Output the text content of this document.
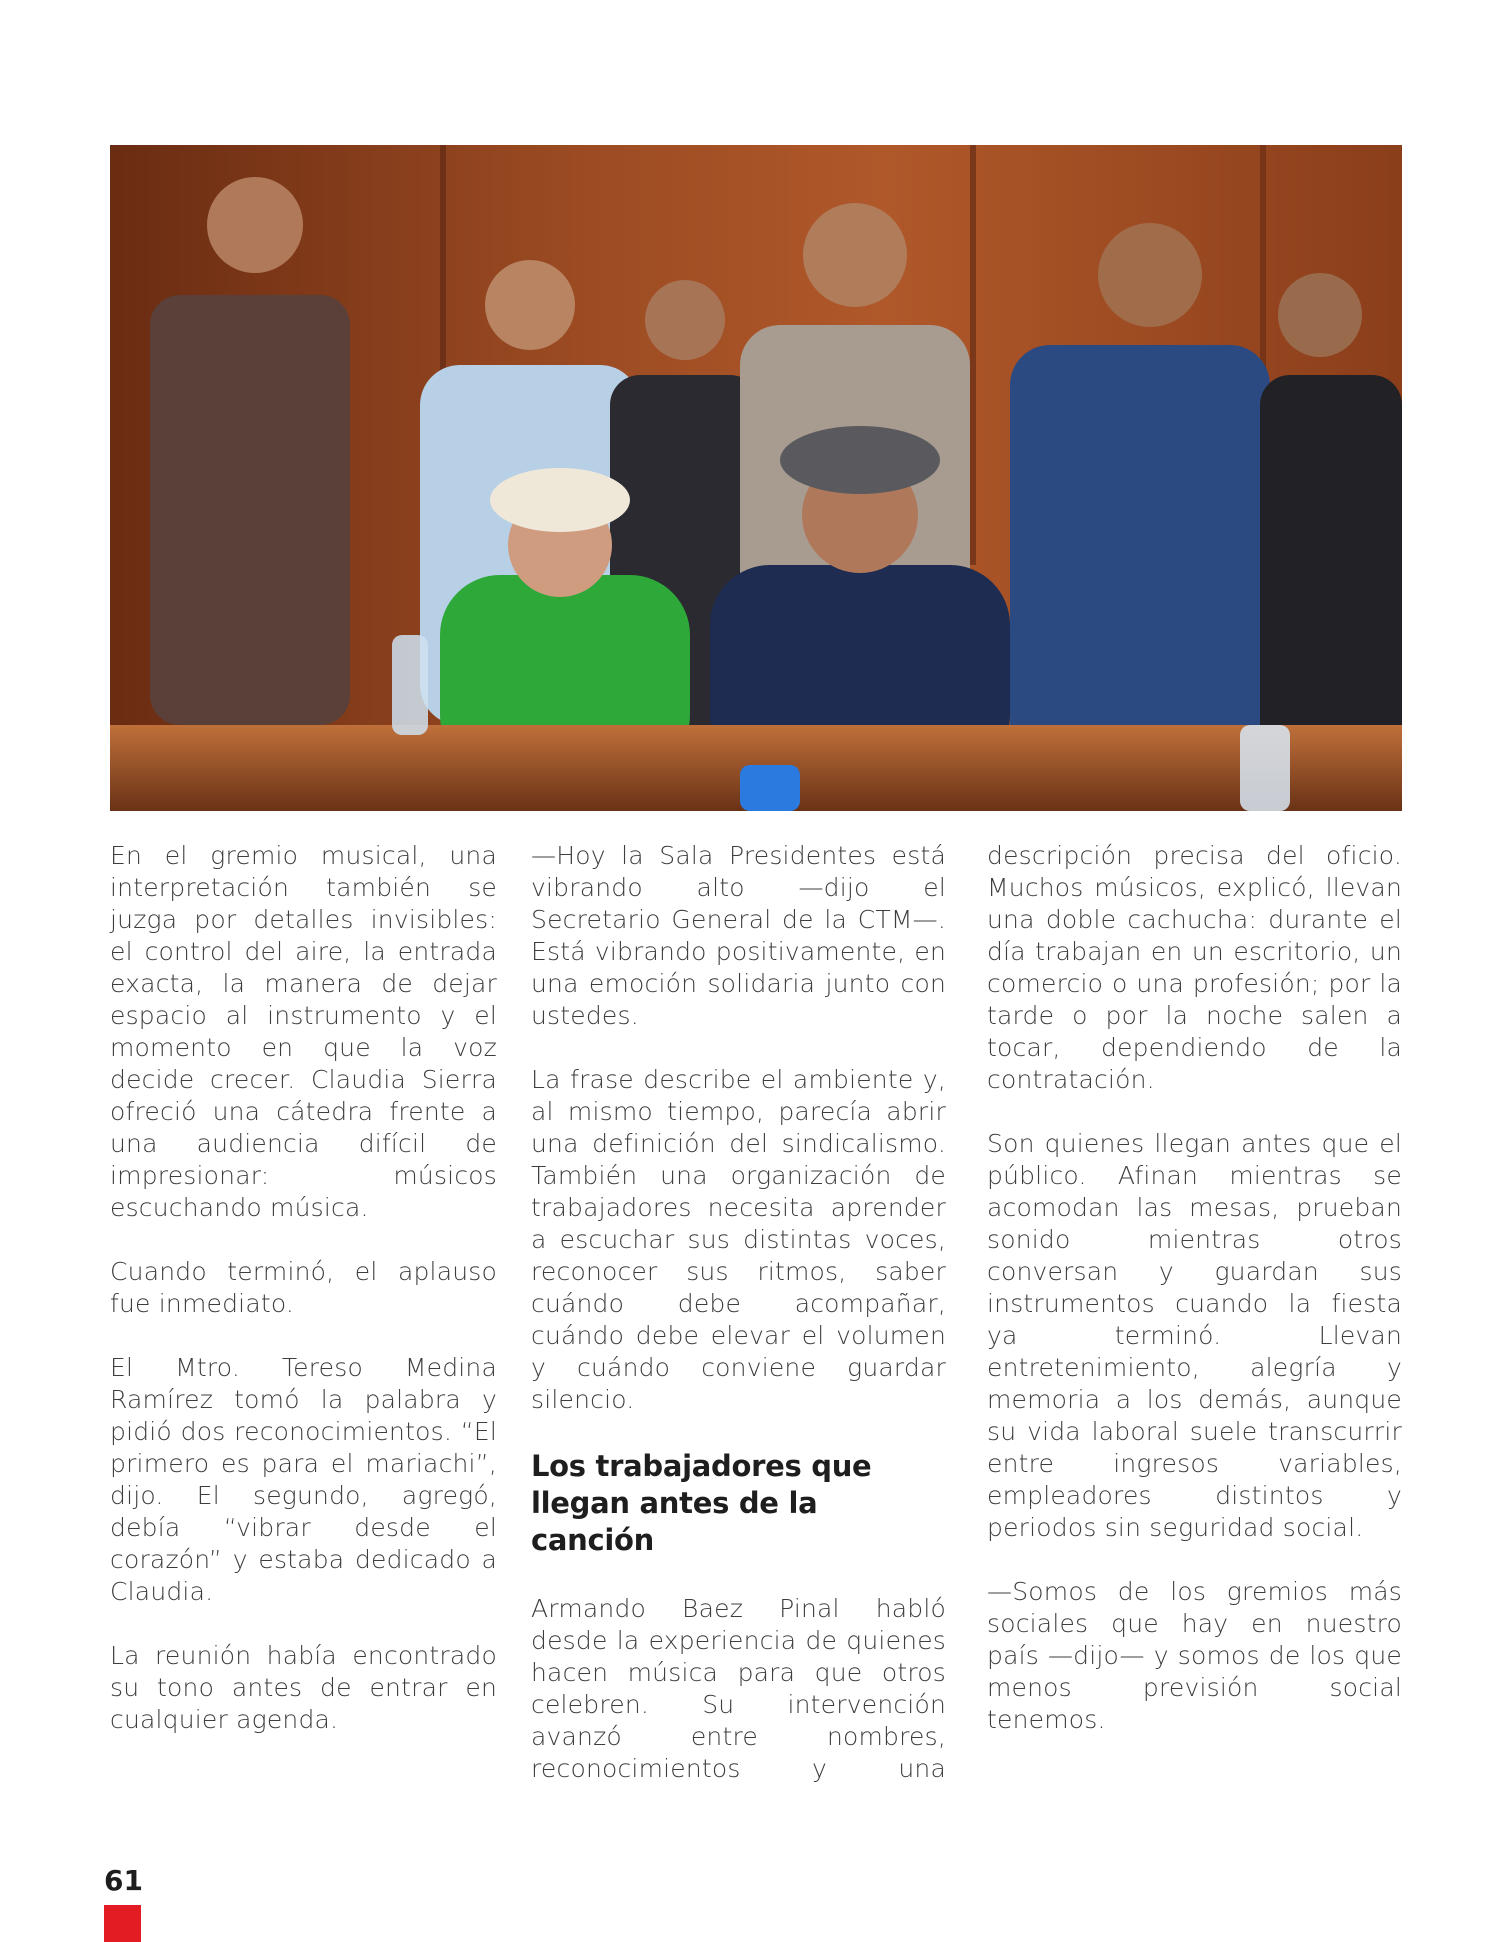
En el gremio musical, una interpretación también se juzga por detalles invisibles: el control del aire, la entrada exacta, la manera de dejar espacio al instrumento y el momento en que la voz decide crecer. Claudia Sierra ofreció una cátedra frente a una audiencia difícil de impresionar: músicos escuchando música.

Cuando terminó, el aplauso fue inmediato.

El Mtro. Tereso Medina Ramírez tomó la palabra y pidió dos reconocimientos. “El primero es para el mariachi”, dijo. El segundo, agregó, debía “vibrar desde el corazón” y estaba dedicado a Claudia.

La reunión había encontrado su tono antes de entrar en cualquier agenda.

—Hoy la Sala Presidentes está vibrando alto —dijo el Secretario General de la CTM—. Está vibrando positivamente, en una emoción solidaria junto con ustedes.

La frase describe el ambiente y, al mismo tiempo, parecía abrir una definición del sindicalismo. También una organización de trabajadores necesita aprender a escuchar sus distintas voces, reconocer sus ritmos, saber cuándo debe acompañar, cuándo debe elevar el volumen y cuándo conviene guardar silencio.

Los trabajadores que llegan antes de la canción

Armando Baez Pinal habló desde la experiencia de quienes hacen música para que otros celebren. Su intervención avanzó entre nombres, reconocimientos y una

descripción precisa del oficio. Muchos músicos, explicó, llevan una doble cachucha: durante el día trabajan en un escritorio, un comercio o una profesión; por la tarde o por la noche salen a tocar, dependiendo de la contratación.

Son quienes llegan antes que el público. Afinan mientras se acomodan las mesas, prueban sonido mientras otros conversan y guardan sus instrumentos cuando la fiesta ya terminó. Llevan entretenimiento, alegría y memoria a los demás, aunque su vida laboral suele transcurrir entre ingresos variables, empleadores distintos y periodos sin seguridad social.

—Somos de los gremios más sociales que hay en nuestro país —dijo— y somos de los que menos previsión social tenemos.

61
